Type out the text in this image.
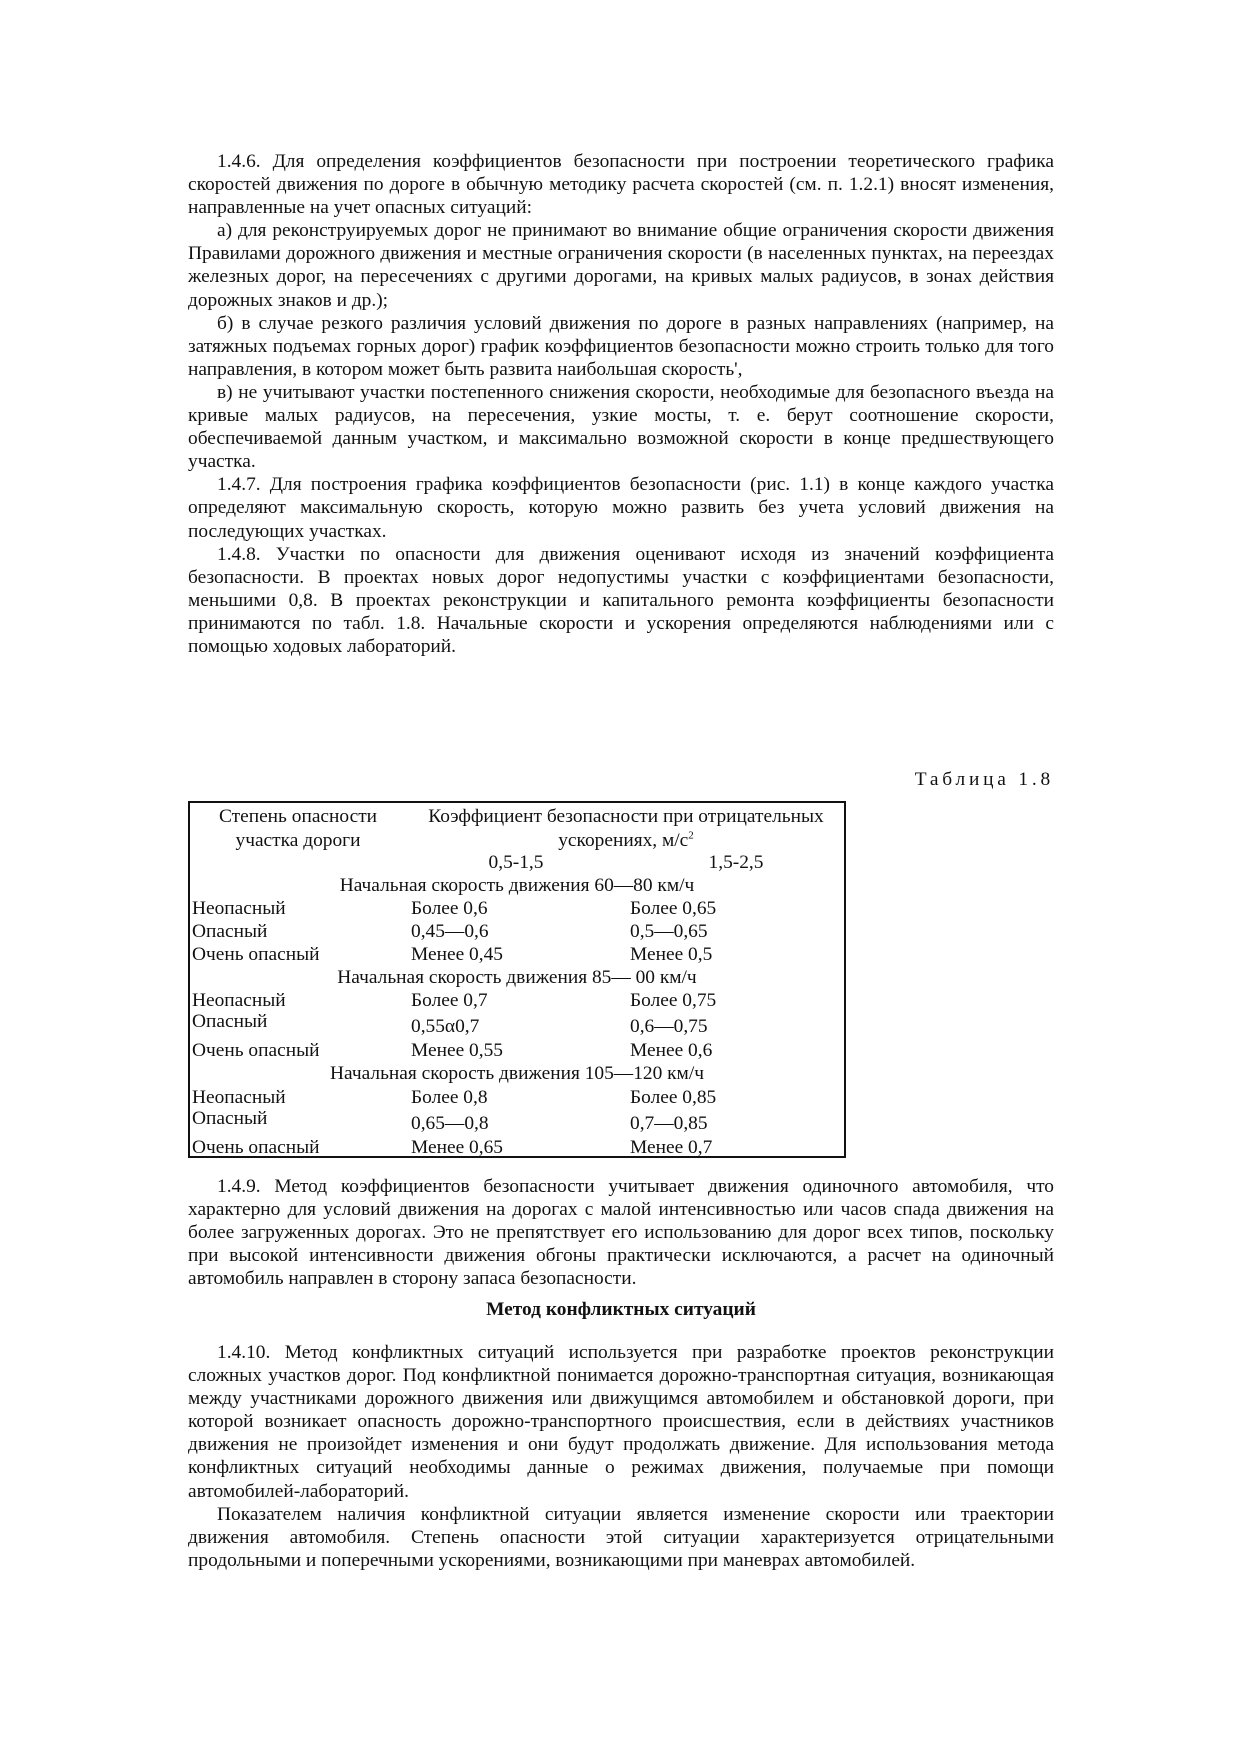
1.4.6. Для определения коэффициентов безопасности при построении теоретического графика скоростей движения по дороге в обычную методику расчета скоростей (см. п. 1.2.1) вносят изменения, направленные на учет опасных ситуаций:

а) для реконструируемых дорог не принимают во внимание общие ограничения скорости движения Правилами дорожного движения и местные ограничения скорости (в населенных пунктах, на переездах железных дорог, на пересечениях с другими дорогами, на кривых малых радиусов, в зонах действия дорожных знаков и др.);

б) в случае резкого различия условий движения по дороге в разных направлениях (например, на затяжных подъемах горных дорог) график коэффициентов безопасности можно строить только для того направления, в котором может быть развита наибольшая скорость',

в) не учитывают участки постепенного снижения скорости, необходимые для безопасного въезда на кривые малых радиусов, на пересечения, узкие мосты, т. е. берут соотношение скорости, обеспечиваемой данным участком, и максимально возможной скорости в конце предшествующего участка.

1.4.7. Для построения графика коэффициентов безопасности (рис. 1.1) в конце каждого участка определяют максимальную скорость, которую можно развить без учета условий движения на последующих участках.

1.4.8. Участки по опасности для движения оценивают исходя из значений коэффициента безопасности. В проектах новых дорог недопустимы участки с коэффициентами безопасности, меньшими 0,8. В проектах реконструкции и капитального ремонта коэффициенты безопасности принимаются по табл. 1.8. Начальные скорости и ускорения определяются наблюдениями или с помощью ходовых лабораторий.

Таблица 1.8
Степень опасности участка дороги
Коэффициент безопасности при отрицательных ускорениях, $м/с^2$
0,5-1,5	1,5-2,5
Начальная скорость движения 60—80 км/ч
Неопасный	Более 0,6	Более 0,65
Опасный	0,45—0,6	0,5—0,65
Очень опасный	Менее 0,45	Менее 0,5
Начальная скорость движения 85— 00 км/ч
Неопасный	Более 0,7	Более 0,75
Опасный	0,55α0,7	0,6—0,75
Очень опасный	Менее 0,55	Менее 0,6
Начальная скорость движения 105—120 км/ч
Неопасный	Более 0,8	Более 0,85
Опасный	0,65—0,8	0,7—0,85
Очень опасный	Менее 0,65	Менее 0,7

1.4.9. Метод коэффициентов безопасности учитывает движения одиночного автомобиля, что характерно для условий движения на дорогах с малой интенсивностью или часов спада движения на более загруженных дорогах. Это не препятствует его использованию для дорог всех типов, поскольку при высокой интенсивности движения обгоны практически исключаются, а расчет на одиночный автомобиль направлен в сторону запаса безопасности.

Метод конфликтных ситуаций

1.4.10. Метод конфликтных ситуаций используется при разработке проектов реконструкции сложных участков дорог. Под конфликтной понимается дорожно-транспортная ситуация, возникающая между участниками дорожного движения или движущимся автомобилем и обстановкой дороги, при которой возникает опасность дорожно-транспортного происшествия, если в действиях участников движения не произойдет изменения и они будут продолжать движение. Для использования метода конфликтных ситуаций необходимы данные о режимах движения, получаемые при помощи автомобилей-лабораторий.

Показателем наличия конфликтной ситуации является изменение скорости или траектории движения автомобиля. Степень опасности этой ситуации характеризуется отрицательными продольными и поперечными ускорениями, возникающими при маневрах автомобилей.
